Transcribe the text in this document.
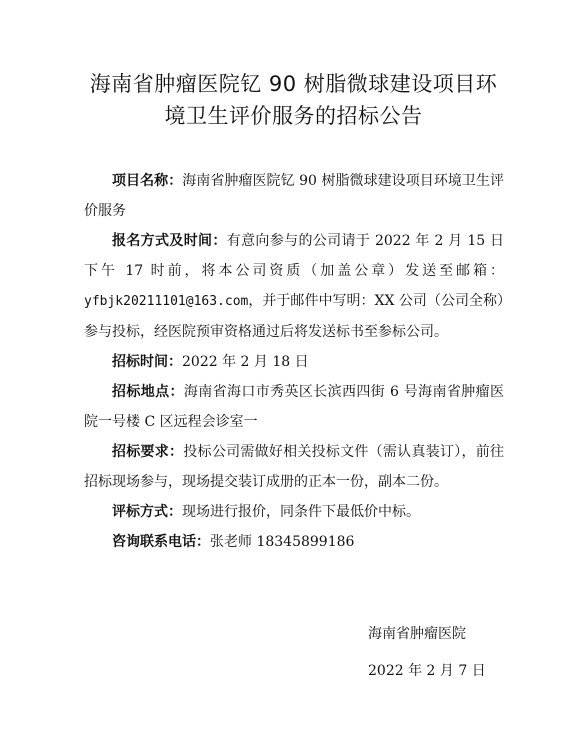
海南省肿瘤医院钇 90 树脂微球建设项目环
境卫生评价服务的招标公告

项目名称：海南省肿瘤医院钇 90 树脂微球建设项目环境卫生评价服务

报名方式及时间：有意向参与的公司请于 2022 年 2 月 15 日下午 17 时前，将本公司资质（加盖公章）发送至邮箱：yfbjk20211101@163.com，并于邮件中写明：XX 公司（公司全称）参与投标，经医院预审资格通过后将发送标书至参标公司。

招标时间：2022 年 2 月 18 日

招标地点：海南省海口市秀英区长滨西四街 6 号海南省肿瘤医院一号楼 C 区远程会诊室一

招标要求：投标公司需做好相关投标文件（需认真装订），前往招标现场参与，现场提交装订成册的正本一份，副本二份。

评标方式：现场进行报价，同条件下最低价中标。

咨询联系电话：张老师 18345899186

海南省肿瘤医院
2022 年 2 月 7 日
